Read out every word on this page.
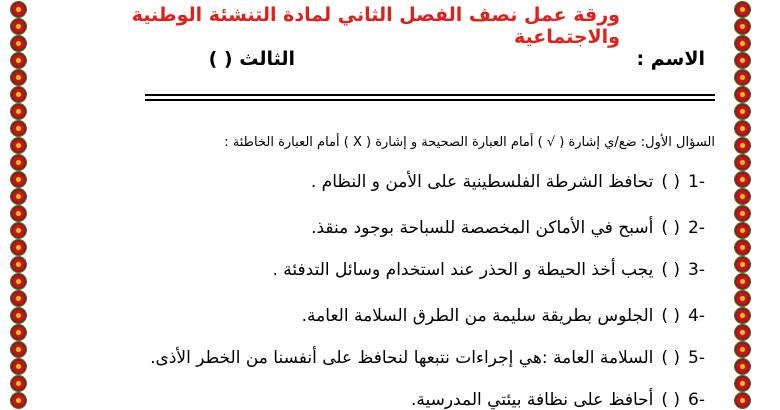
ورقة عمل نصف الفصل الثاني لمادة التنشئة الوطنية والاجتماعية
الاسم :
الثالث ( )
السؤال الأول: ضع/ي إشارة ( √ ) أمام العبارة الصحيحة و إشارة ( X ) أمام العبارة الخاطئة :
1-
( )
تحافظ الشرطة الفلسطينية على الأمن و النظام .
2-
( )
أسبح في الأماكن المخصصة للسباحة بوجود منقذ.
3-
( )
يجب أخذ الحيطة و الحذر عند استخدام وسائل التدفئة .
4-
( )
الجلوس بطريقة سليمة من الطرق السلامة العامة.
5-
( )
السلامة العامة :هي إجراءات نتبعها لنحافظ على أنفسنا من الخطر الأذى.
6-
( )
أحافظ على نظافة بيئتي المدرسية.
